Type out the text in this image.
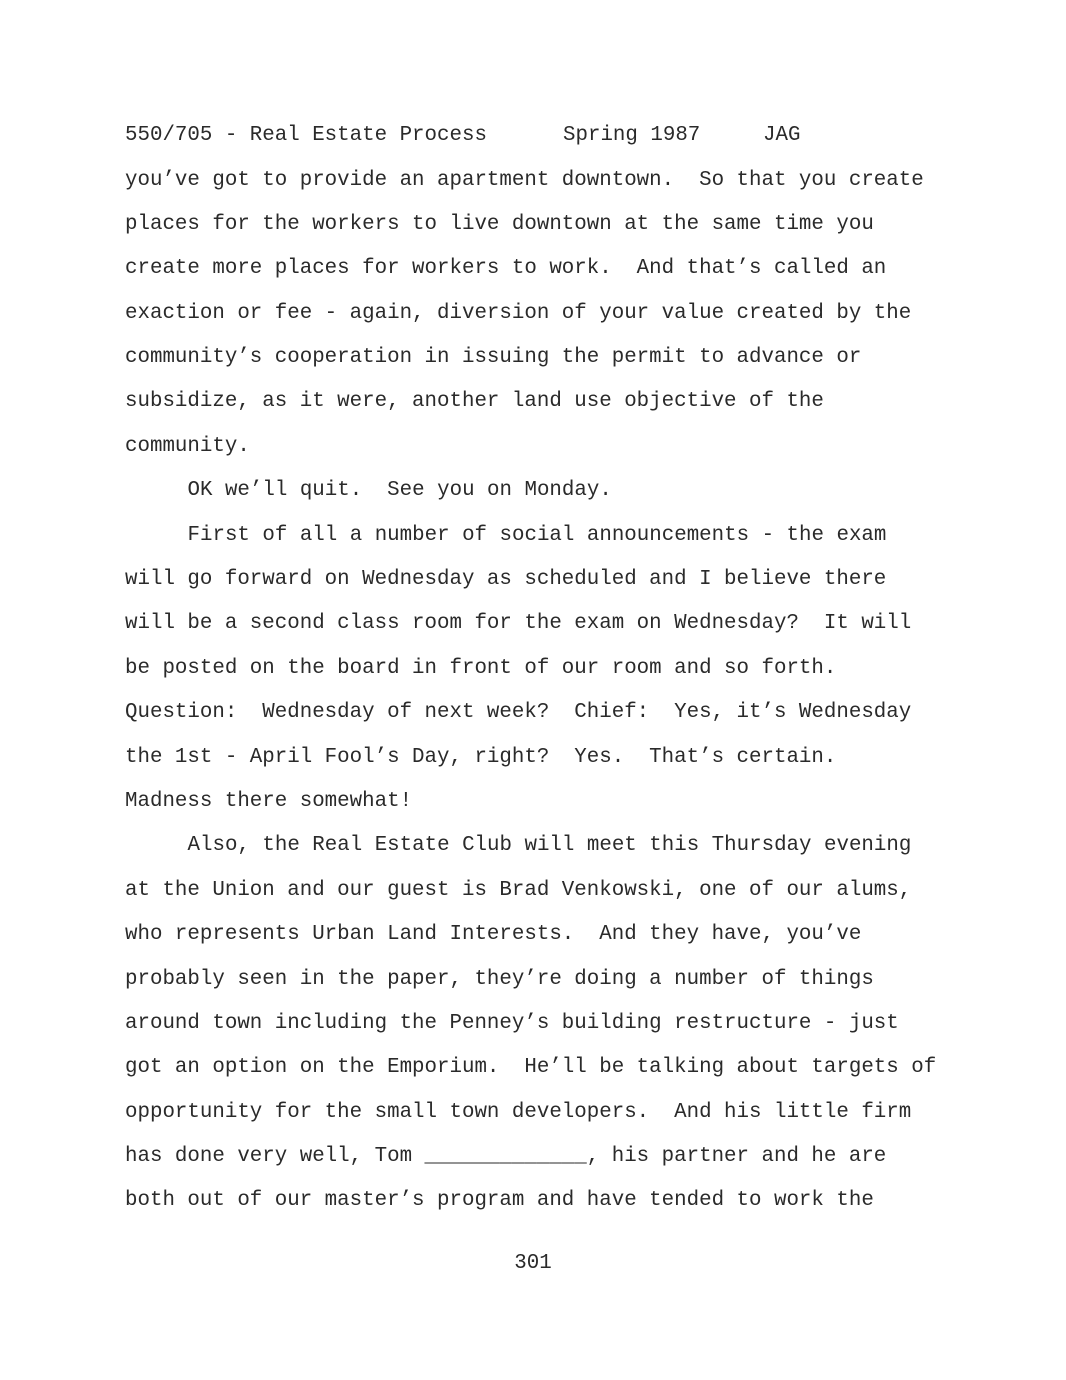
550/705 - Real Estate Process	Spring 1987	JAG
you’ve got to provide an apartment downtown.  So that you create
places for the workers to live downtown at the same time you
create more places for workers to work.  And that’s called an
exaction or fee - again, diversion of your value created by the
community’s cooperation in issuing the permit to advance or
subsidize, as it were, another land use objective of the
community.
OK we’ll quit.  See you on Monday.
First of all a number of social announcements - the exam
will go forward on Wednesday as scheduled and I believe there
will be a second class room for the exam on Wednesday?  It will
be posted on the board in front of our room and so forth.
Question:  Wednesday of next week?  Chief:  Yes, it’s Wednesday
the 1st - April Fool’s Day, right?  Yes.  That’s certain.
Madness there somewhat!
Also, the Real Estate Club will meet this Thursday evening
at the Union and our guest is Brad Venkowski, one of our alums,
who represents Urban Land Interests.  And they have, you’ve
probably seen in the paper, they’re doing a number of things
around town including the Penney’s building restructure - just
got an option on the Emporium.  He’ll be talking about targets of
opportunity for the small town developers.  And his little firm
has done very well, Tom _____________, his partner and he are
both out of our master’s program and have tended to work the
301
